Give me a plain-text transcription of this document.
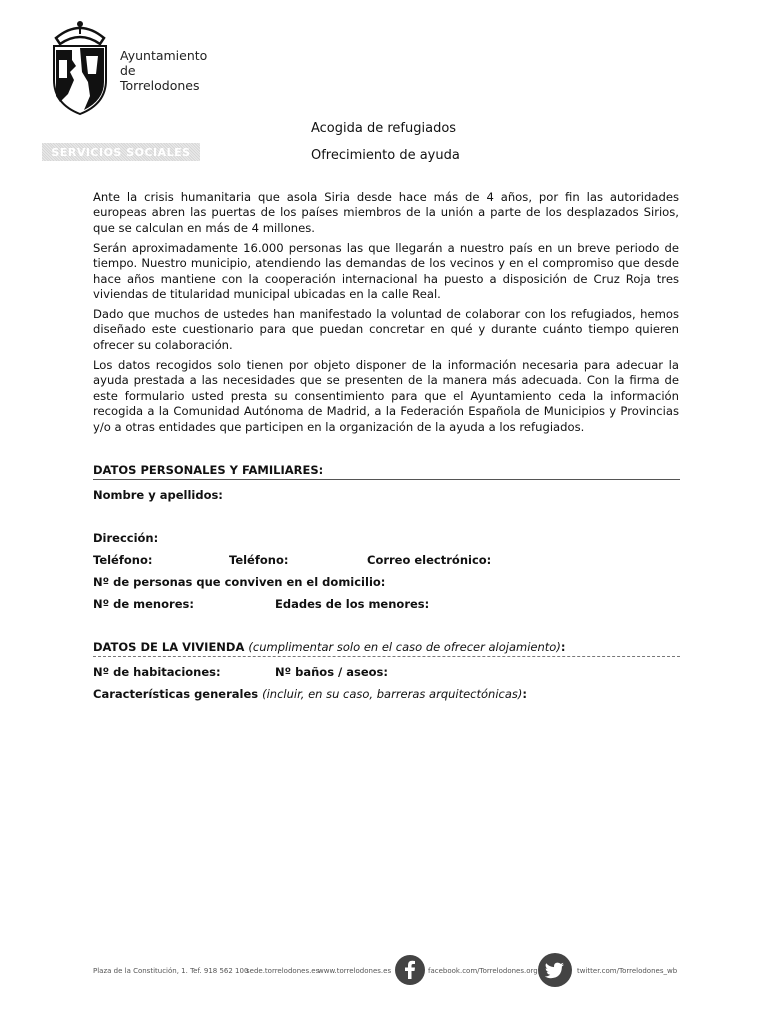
Ayuntamiento
de
Torrelodones
Acogida de refugiados
SERVICIOS SOCIALES	Ofrecimiento de ayuda

Ante la crisis humanitaria que asola Siria desde hace más de 4 años, por fin las autoridades europeas abren las puertas de los países miembros de la unión a parte de los desplazados Sirios, que se calculan en más de 4 millones.

Serán aproximadamente 16.000 personas las que llegarán a nuestro país en un breve periodo de tiempo. Nuestro municipio, atendiendo las demandas de los vecinos y en el compromiso que desde hace años mantiene con la cooperación internacional ha puesto a disposición de Cruz Roja tres viviendas de titularidad municipal ubicadas en la calle Real.

Dado que muchos de ustedes han manifestado la voluntad de colaborar con los refugiados, hemos diseñado este cuestionario para que puedan concretar en qué y durante cuánto tiempo quieren ofrecer su colaboración.

Los datos recogidos solo tienen por objeto disponer de la información necesaria para adecuar la ayuda prestada a las necesidades que se presenten de la manera más adecuada. Con la firma de este formulario usted presta su consentimiento para que el Ayuntamiento ceda la información recogida a la Comunidad Autónoma de Madrid, a la Federación Española de Municipios y Provincias y/o a otras entidades que participen en la organización de la ayuda a los refugiados.

DATOS PERSONALES Y FAMILIARES:
Nombre y apellidos:
Dirección:
Teléfono:	Teléfono:	Correo electrónico:
Nº de personas que conviven en el domicilio:
Nº de menores:	Edades de los menores:
DATOS DE LA VIVIENDA (cumplimentar solo en el caso de ofrecer alojamiento):
Nº de habitaciones:	Nº baños / aseos:
Características generales (incluir, en su caso, barreras arquitectónicas):
Plaza de la Constitución, 1. Tef. 918 562 100
sede.torrelodones.es
www.torrelodones.es	facebook.com/Torrelodones.org	twitter.com/Torrelodones_wb
